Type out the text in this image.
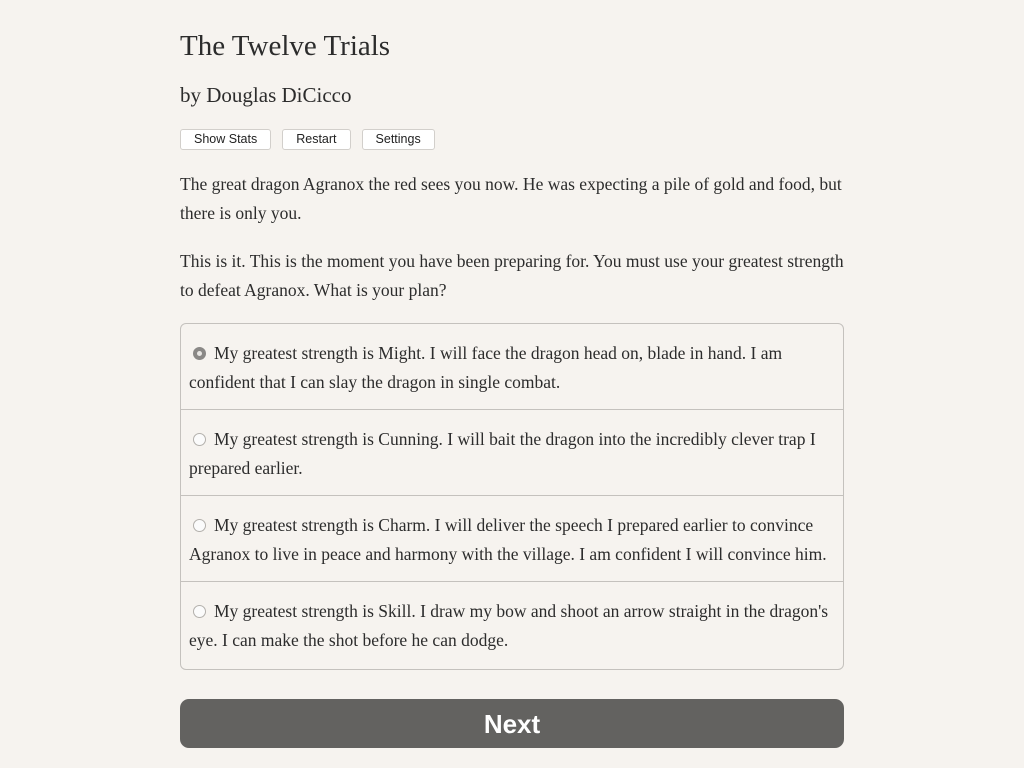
The Twelve Trials
by Douglas DiCicco
Show Stats	Restart	Settings

The great dragon Agranox the red sees you now. He was expecting a pile of gold and food, but there is only you.

This is it. This is the moment you have been preparing for. You must use your greatest strength to defeat Agranox. What is your plan?

My greatest strength is Might. I will face the dragon head on, blade in hand. I am confident that I can slay the dragon in single combat.
My greatest strength is Cunning. I will bait the dragon into the incredibly clever trap I prepared earlier.
My greatest strength is Charm. I will deliver the speech I prepared earlier to convince Agranox to live in peace and harmony with the village. I am confident I will convince him.
My greatest strength is Skill. I draw my bow and shoot an arrow straight in the dragon's eye. I can make the shot before he can dodge.
Next
